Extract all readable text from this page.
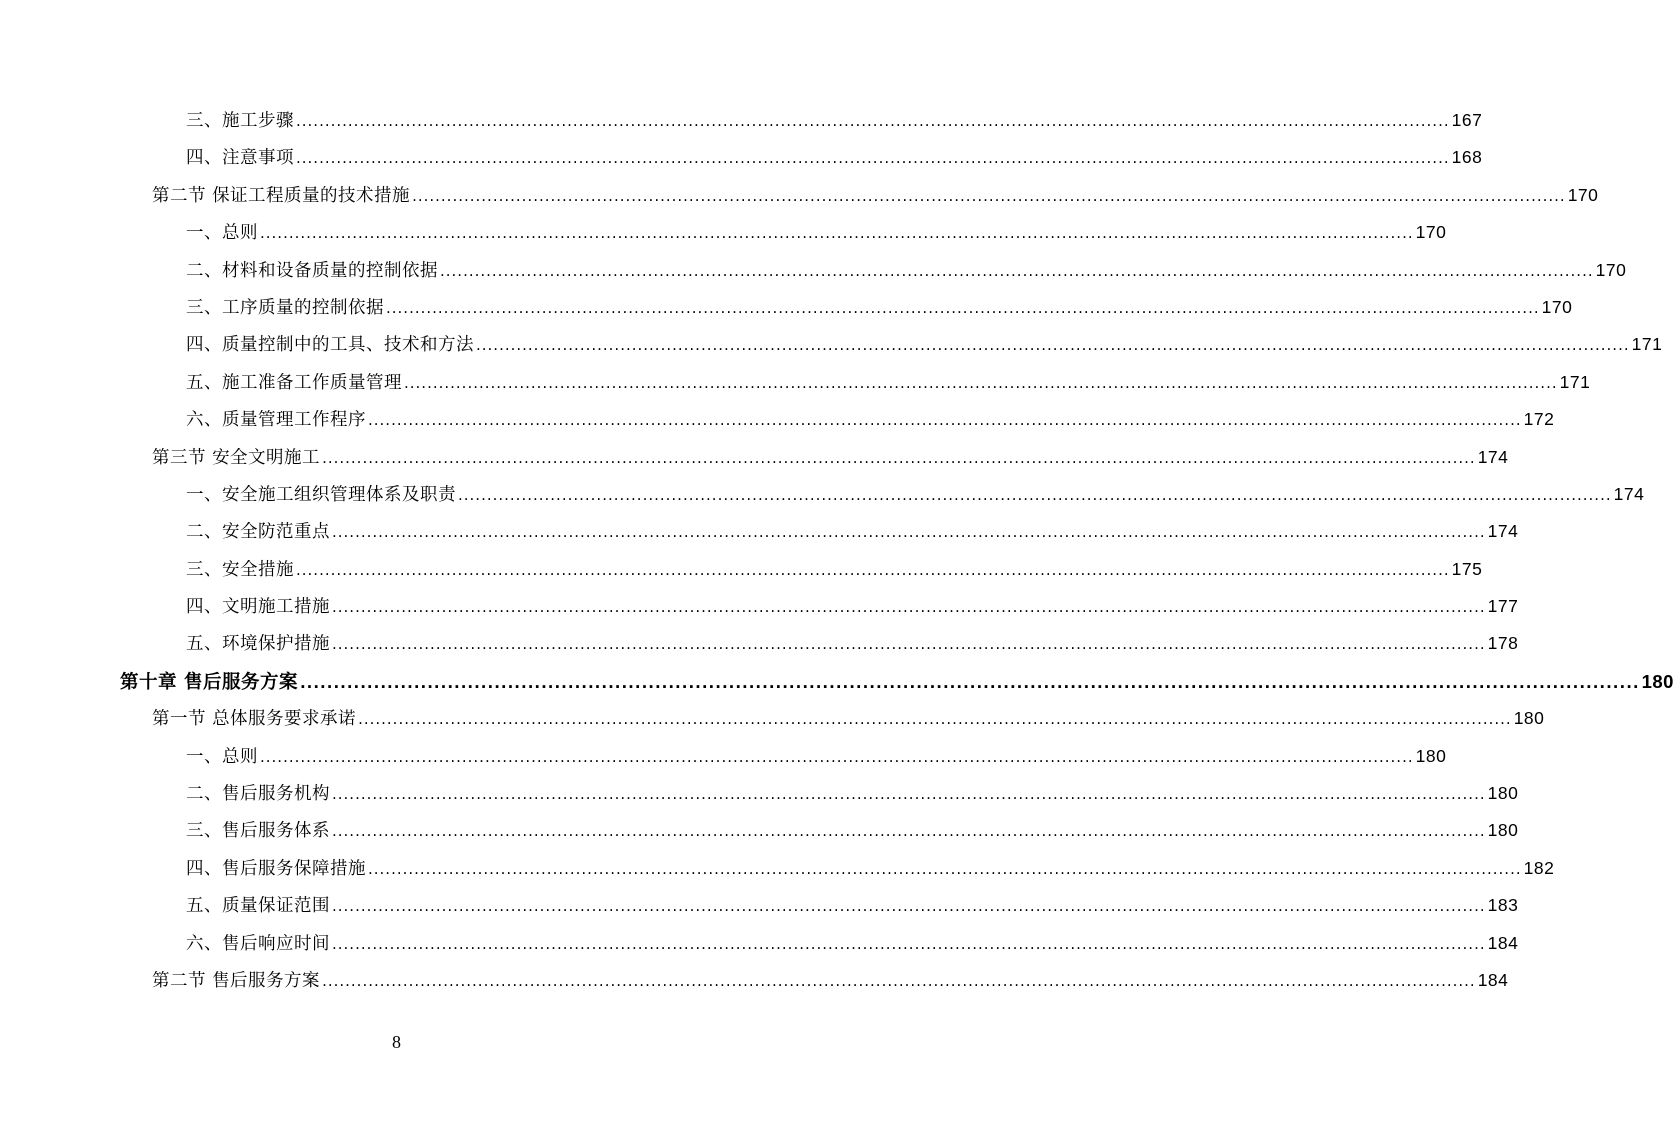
三、施工步骤 ........................................................................................................................................................................................................ 167
四、注意事项 ........................................................................................................................................................................................................ 168
第二节 保证工程质量的技术措施 ........................................................................................................................................................................................................ 170
一、总则 ........................................................................................................................................................................................................ 170
二、材料和设备质量的控制依据 ........................................................................................................................................................................................................ 170
三、工序质量的控制依据 ........................................................................................................................................................................................................ 170
四、质量控制中的工具、技术和方法 ........................................................................................................................................................................................................ 171
五、施工准备工作质量管理 ........................................................................................................................................................................................................ 171
六、质量管理工作程序 ........................................................................................................................................................................................................ 172
第三节 安全文明施工 ........................................................................................................................................................................................................ 174
一、安全施工组织管理体系及职责 ........................................................................................................................................................................................................ 174
二、安全防范重点 ........................................................................................................................................................................................................ 174
三、安全措施 ........................................................................................................................................................................................................ 175
四、文明施工措施 ........................................................................................................................................................................................................ 177
五、环境保护措施 ........................................................................................................................................................................................................ 178
第十章 售后服务方案 ........................................................................................................................................................................................................ 180
第一节 总体服务要求承诺 ........................................................................................................................................................................................................ 180
一、总则 ........................................................................................................................................................................................................ 180
二、售后服务机构 ........................................................................................................................................................................................................ 180
三、售后服务体系 ........................................................................................................................................................................................................ 180
四、售后服务保障措施 ........................................................................................................................................................................................................ 182
五、质量保证范围 ........................................................................................................................................................................................................ 183
六、售后响应时间 ........................................................................................................................................................................................................ 184
第二节 售后服务方案 ........................................................................................................................................................................................................ 184
8
